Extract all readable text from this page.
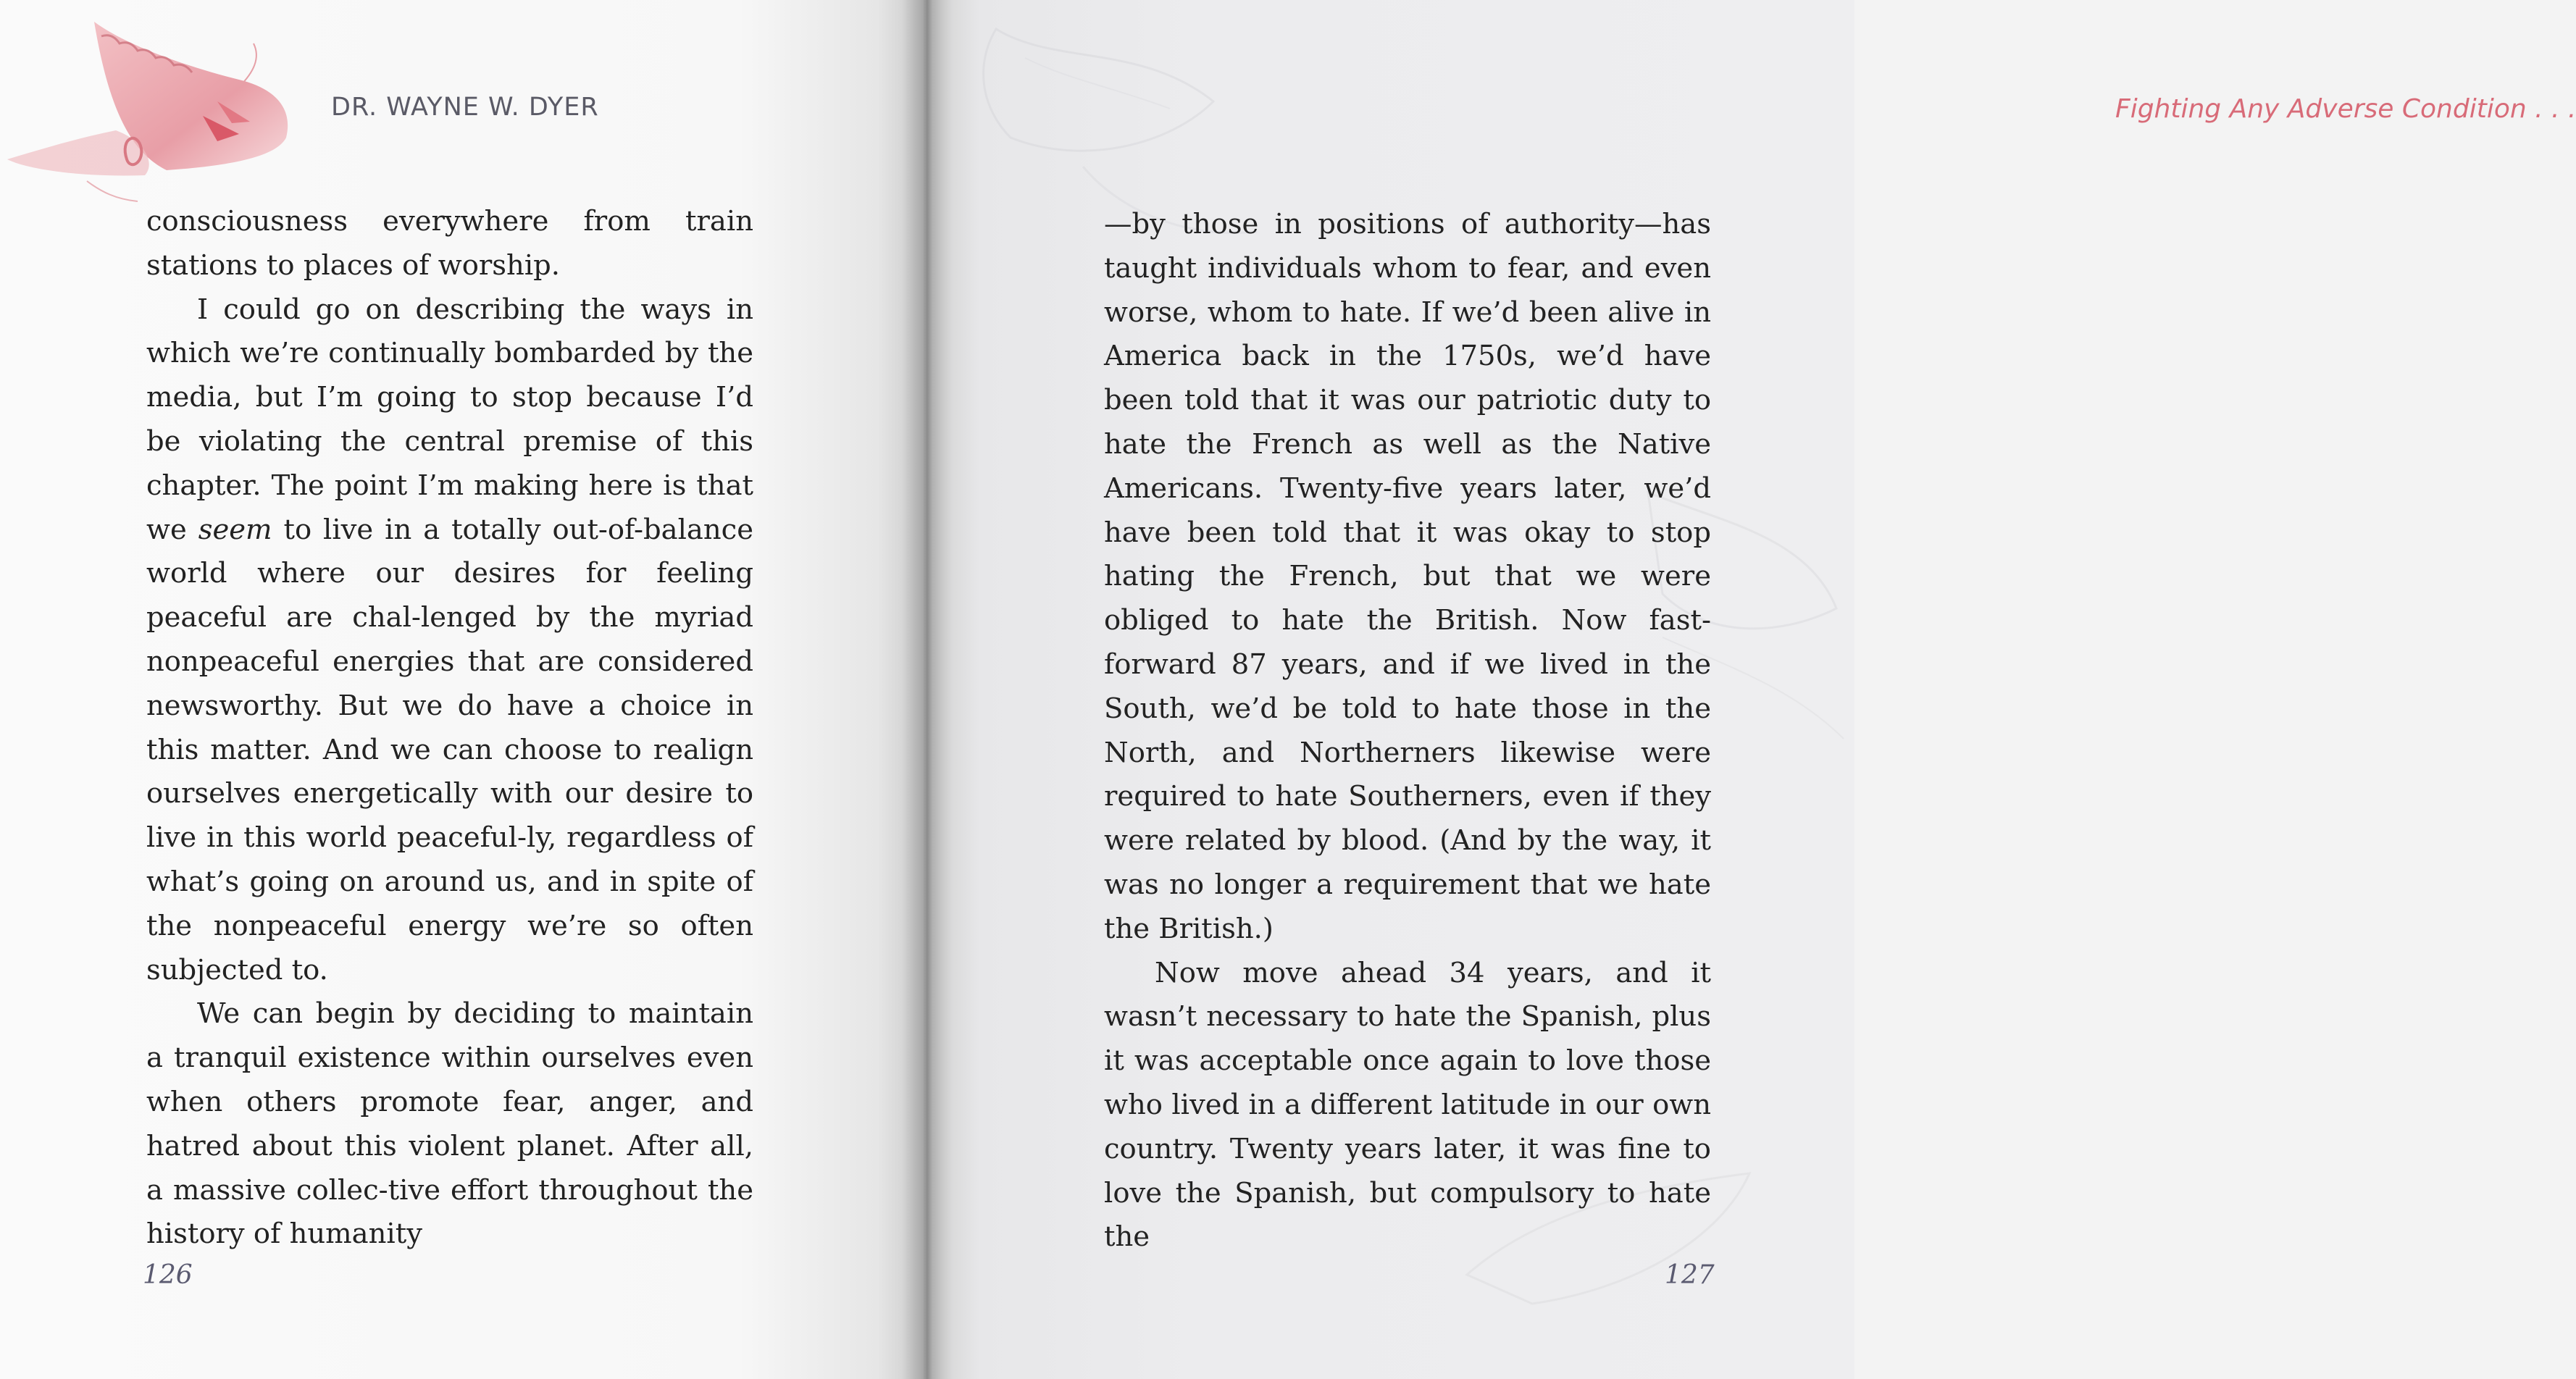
DR. WAYNE W. DYER

consciousness everywhere from train stations to places of worship.

I could go on describing the ways in which we’re continually bombarded by the media, but I’m going to stop because I’d be violating the central premise of this chapter. The point I’m making here is that we seem to live in a totally out-of-balance world where our desires for feeling peaceful are chal-lenged by the myriad nonpeaceful energies that are considered newsworthy. But we do have a choice in this matter. And we can choose to realign ourselves energetically with our desire to live in this world peaceful-ly, regardless of what’s going on around us, and in spite of the nonpeaceful energy we’re so often subjected to.

We can begin by deciding to maintain a tranquil existence within ourselves even when others promote fear, anger, and hatred about this violent planet. After all, a massive collec-tive effort throughout the history of humanity

126
Fighting Any Adverse Condition . . .

—by those in positions of authority—has taught individuals whom to fear, and even worse, whom to hate. If we’d been alive in America back in the 1750s, we’d have been told that it was our patriotic duty to hate the French as well as the Native Americans. Twenty-five years later, we’d have been told that it was okay to stop hating the French, but that we were obliged to hate the British. Now fast-forward 87 years, and if we lived in the South, we’d be told to hate those in the North, and Northerners likewise were required to hate Southerners, even if they were related by blood. (And by the way, it was no longer a requirement that we hate the British.)

Now move ahead 34 years, and it wasn’t necessary to hate the Spanish, plus it was acceptable once again to love those who lived in a different latitude in our own country. Twenty years later, it was fine to love the Spanish, but compulsory to hate the

127
